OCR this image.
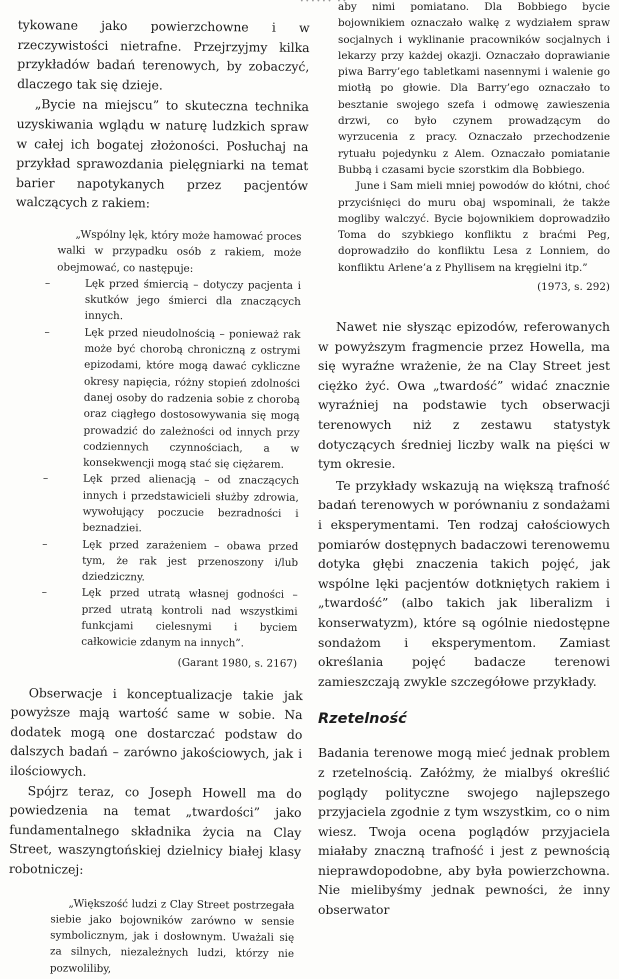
•••••• ••

tykowane jako powierzchowne i w rzeczywistości nietrafne. Przejrzyjmy kilka przykładów badań terenowych, by zobaczyć, dlaczego tak się dzieje.

„Bycie na miejscu” to skuteczna technika uzyskiwania wglądu w naturę ludzkich spraw w całej ich bogatej złożoności. Posłuchaj na przykład sprawozdania pielęgniarki na temat barier napotykanych przez pacjentów walczących z rakiem:

„Wspólny lęk, który może hamować proces walki w przypadku osób z rakiem, może obejmować, co następuje:

– Lęk przed śmiercią – dotyczy pacjenta i skutków jego śmierci dla znaczących innych.
– Lęk przed nieudolnością – ponieważ rak może być chorobą chroniczną z ostrymi epizodami, które mogą dawać cykliczne okresy napięcia, różny stopień zdolności danej osoby do radzenia sobie z chorobą oraz ciągłego dostosowywania się mogą prowadzić do zależności od innych przy codziennych czynnościach, a w konsekwencji mogą stać się ciężarem.
– Lęk przed alienacją – od znaczących innych i przedstawicieli służby zdrowia, wywołujący poczucie bezradności i beznadziei.
– Lęk przed zarażeniem – obawa przed tym, że rak jest przenoszony i/lub dziedziczny.
– Lęk przed utratą własnej godności – przed utratą kontroli nad wszystkimi funkcjami cielesnymi i byciem całkowicie zdanym na innych”.

(Garant 1980, s. 2167)

Obserwacje i konceptualizacje takie jak powyższe mają wartość same w sobie. Na dodatek mogą one dostarczać podstaw do dalszych badań – zarówno jakościowych, jak i ilościowych.

Spójrz teraz, co Joseph Howell ma do powiedzenia na temat „twardości” jako fundamentalnego składnika życia na Clay Street, waszyngtońskiej dzielnicy białej klasy robotniczej:

„Większość ludzi z Clay Street postrzegała siebie jako bojowników zarówno w sensie symbolicznym, jak i dosłownym. Uważali się za silnych, niezależnych ludzi, którzy nie pozwoliliby,

aby nimi pomiatano. Dla Bobbiego bycie bojownikiem oznaczało walkę z wydziałem spraw socjalnych i wyklinanie pracowników socjalnych i lekarzy przy każdej okazji. Oznaczało doprawianie piwa Barry’ego tabletkami nasennymi i walenie go miotłą po głowie. Dla Barry’ego oznaczało to besztanie swojego szefa i odmowę zawieszenia drzwi, co było czynem prowadzącym do wyrzucenia z pracy. Oznaczało przechodzenie rytuału pojedynku z Alem. Oznaczało pomiatanie Bubbą i czasami bycie szorstkim dla Bobbiego.

June i Sam mieli mniej powodów do kłótni, choć przyciśnięci do muru obaj wspominali, że także mogliby walczyć. Bycie bojownikiem doprowadziło Toma do szybkiego konfliktu z braćmi Peg, doprowadziło do konfliktu Lesa z Lonniem, do konfliktu Arlene’a z Phyllisem na kręgielni itp.”

(1973, s. 292)

Nawet nie słysząc epizodów, referowanych w powyższym fragmencie przez Howella, ma się wyraźne wrażenie, że na Clay Street jest ciężko żyć. Owa „twardość” widać znacznie wyraźniej na podstawie tych obserwacji terenowych niż z zestawu statystyk dotyczących średniej liczby walk na pięści w tym okresie.

Te przykłady wskazują na większą trafność badań terenowych w porównaniu z sondażami i eksperymentami. Ten rodzaj całościowych pomiarów dostępnych badaczowi terenowemu dotyka głębi znaczenia takich pojęć, jak wspólne lęki pacjentów dotkniętych rakiem i „twardość” (albo takich jak liberalizm i konserwatyzm), które są ogólnie niedostępne sondażom i eksperymentom. Zamiast określania pojęć badacze terenowi zamieszczają zwykle szczegółowe przykłady.

Rzetelność

Badania terenowe mogą mieć jednak problem z rzetelnością. Załóżmy, że mialbyś określić poglądy polityczne swojego najlepszego przyjaciela zgodnie z tym wszystkim, co o nim wiesz. Twoja ocena poglądów przyjaciela miałaby znaczną trafność i jest z pewnością nieprawdopodobne, aby była powierzchowna. Nie mielibyśmy jednak pewności, że inny obserwator
